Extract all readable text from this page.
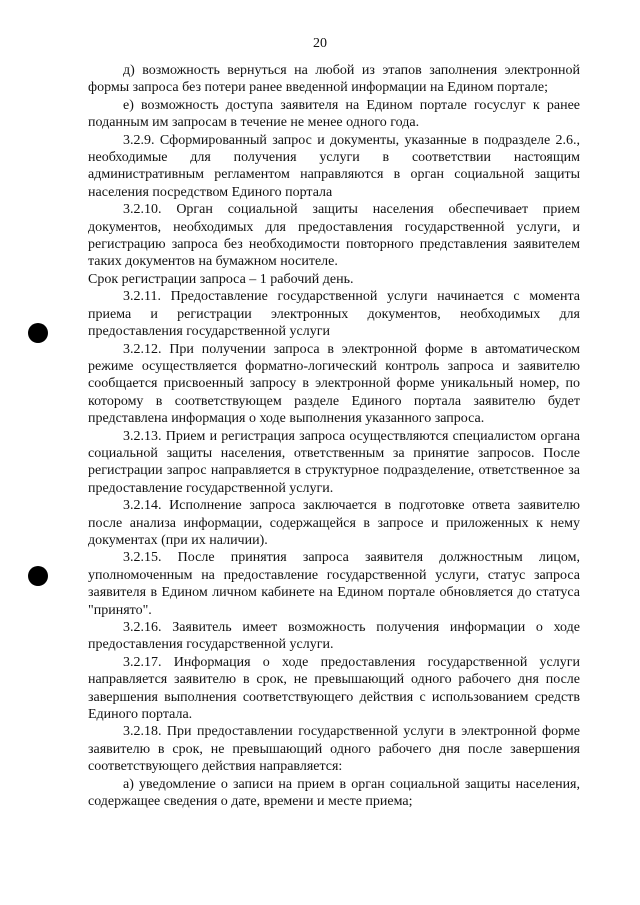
20

д) возможность вернуться на любой из этапов заполнения электронной формы запроса без потери ранее введенной информации на Едином портале;

е) возможность доступа заявителя на Едином портале госуслуг к ранее поданным им запросам в течение не менее одного года.

3.2.9. Сформированный запрос и документы, указанные в подразделе 2.6., необходимые для получения услуги в соответствии настоящим административным регламентом направляются в орган социальной защиты населения посредством Единого портала

3.2.10. Орган социальной защиты населения обеспечивает прием документов, необходимых для предоставления государственной услуги, и регистрацию запроса без необходимости повторного представления заявителем таких документов на бумажном носителе.

Срок регистрации запроса – 1 рабочий день.

3.2.11. Предоставление государственной услуги начинается с момента приема и регистрации электронных документов, необходимых для предоставления государственной услуги

3.2.12. При получении запроса в электронной форме в автоматическом режиме осуществляется форматно-логический контроль запроса и заявителю сообщается присвоенный запросу в электронной форме уникальный номер, по которому в соответствующем разделе Единого портала заявителю будет представлена информация о ходе выполнения указанного запроса.

3.2.13. Прием и регистрация запроса осуществляются специалистом органа социальной защиты населения, ответственным за принятие запросов. После регистрации запрос направляется в структурное подразделение, ответственное за предоставление государственной услуги.

3.2.14. Исполнение запроса заключается в подготовке ответа заявителю после анализа информации, содержащейся в запросе и приложенных к нему документах (при их наличии).

3.2.15. После принятия запроса заявителя должностным лицом, уполномоченным на предоставление государственной услуги, статус запроса заявителя в Едином личном кабинете на Едином портале обновляется до статуса "принято".

3.2.16. Заявитель имеет возможность получения информации о ходе предоставления государственной услуги.

3.2.17. Информация о ходе предоставления государственной услуги направляется заявителю в срок, не превышающий одного рабочего дня после завершения выполнения соответствующего действия с использованием средств Единого портала.

3.2.18. При предоставлении государственной услуги в электронной форме заявителю в срок, не превышающий одного рабочего дня после завершения соответствующего действия направляется:

а) уведомление о записи на прием в орган социальной защиты населения, содержащее сведения о дате, времени и месте приема;
